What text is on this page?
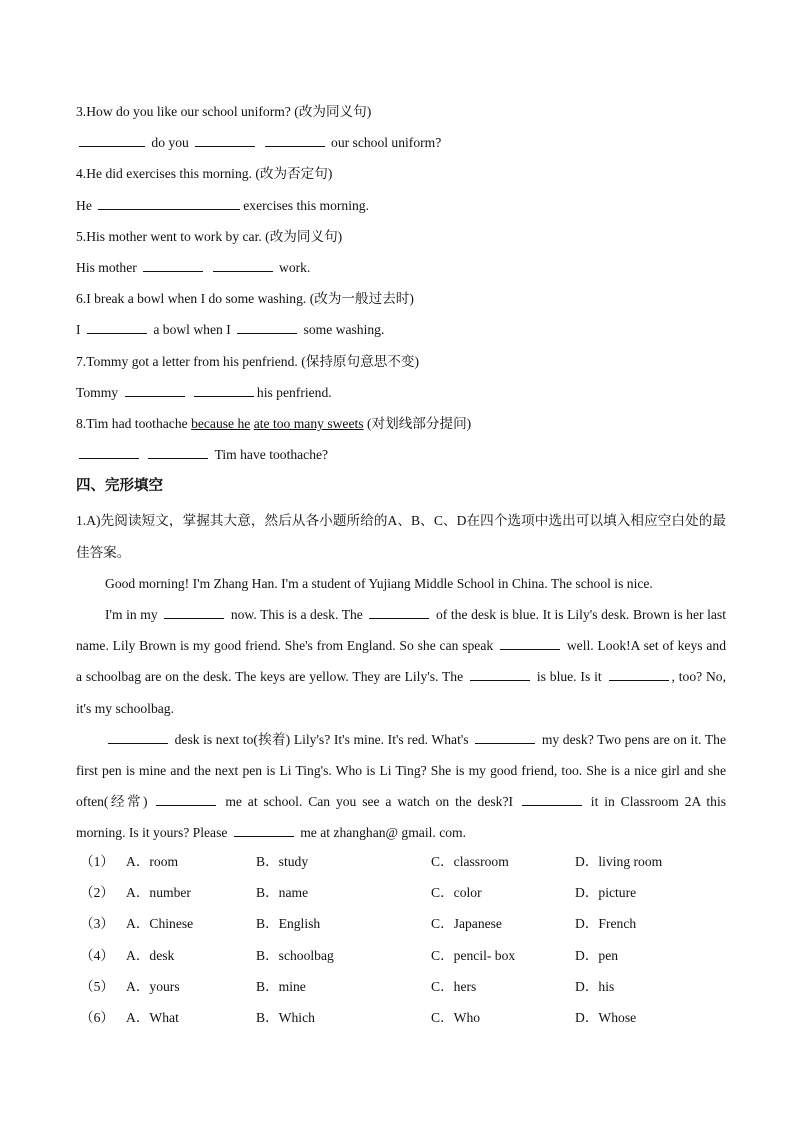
3.How do you like our school uniform? (改为同义句)
do you	our school uniform?
4.He did exercises this morning. (改为否定句)
He	exercises this morning.
5.His mother went to work by car. (改为同义句)
His mother	work.
6.I break a bowl when I do some washing. (改为一般过去时)
I	a bowl when I	some washing.
7.Tommy got a letter from his penfriend. (保持原句意思不变)
Tommy	his penfriend.
8.Tim had toothache because he ate too many sweets (对划线部分提问)
Tim have toothache?
四、完形填空
1.A)先阅读短文，掌握其大意，然后从各小题所给的A、B、C、D在四个选项中选出可以填入相应空白处的最佳答案。
Good morning! I'm Zhang Han. I'm a student of Yujiang Middle School in China. The school is nice.
I'm in my	now. This is a desk. The	of the desk is blue. It is Lily's desk. Brown is her last name. Lily Brown is my good friend. She's from England. So she can speak	well. Look!A set of keys and a schoolbag are on the desk. The keys are yellow. They are Lily's. The	is blue. Is it	, too? No, it's my schoolbag.
desk is next to(挨着) Lily's? It's mine. It's red. What's	my desk? Two pens are on it. The first pen is mine and the next pen is Li Ting's. Who is Li Ting? She is my good friend, too. She is a nice girl and she often(经常)	me at school. Can you see a watch on the desk?I	it in Classroom 2A this morning. Is it yours? Please	me at zhanghan@ gmail. com.
（1） A．room	B．study	C．classroom	D．living room
（2） A．number	B．name	C．color	D．picture
（3） A．Chinese	B．English	C．Japanese	D．French
（4） A．desk	B．schoolbag	C．pencil- box	D．pen
（5） A．yours	B．mine	C．hers	D．his
（6） A．What	B．Which	C．Who	D．Whose
